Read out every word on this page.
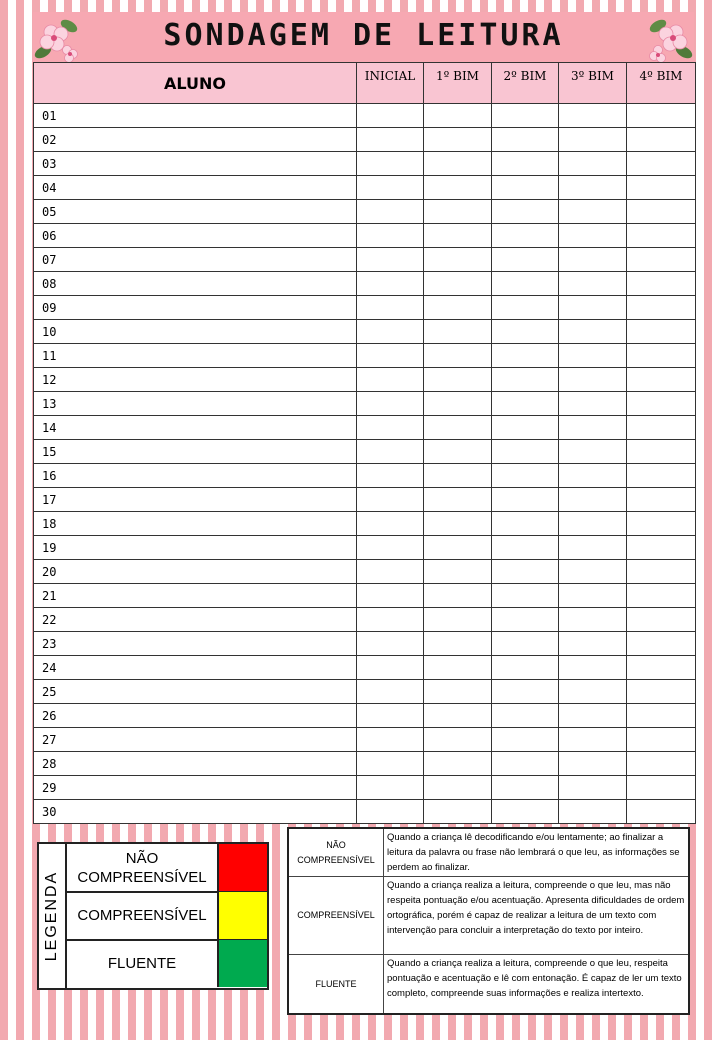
SONDAGEM DE LEITURA
ALUNO	INICIAL	1º BIM	2º BIM	3º BIM	4º BIM
01					
02					
03					
04					
05					
06					
07					
08					
09					
10					
11					
12					
13					
14					
15					
16					
17					
18					
19					
20					
21					
22					
23					
24					
25					
26					
27					
28					
29					
30					
LEGENDA
NÃO COMPREENSÍVEL
COMPREENSÍVEL
FLUENTE
NÃO COMPREENSÍVEL	Quando a criança lê decodificando e/ou lentamente; ao finalizar a leitura da palavra ou frase não lembrará o que leu, as informações se perdem ao finalizar.
COMPREENSÍVEL	Quando a criança realiza a leitura, compreende o que leu, mas não respeita pontuação e/ou acentuação. Apresenta dificuldades de ordem ortográfica, porém é capaz de realizar a leitura de um texto com intervenção para concluir a interpretação do texto por inteiro.
FLUENTE	Quando a criança realiza a leitura, compreende o que leu, respeita pontuação e acentuação e lê com entonação. É capaz de ler um texto completo, compreende suas informações e realiza intertexto.
